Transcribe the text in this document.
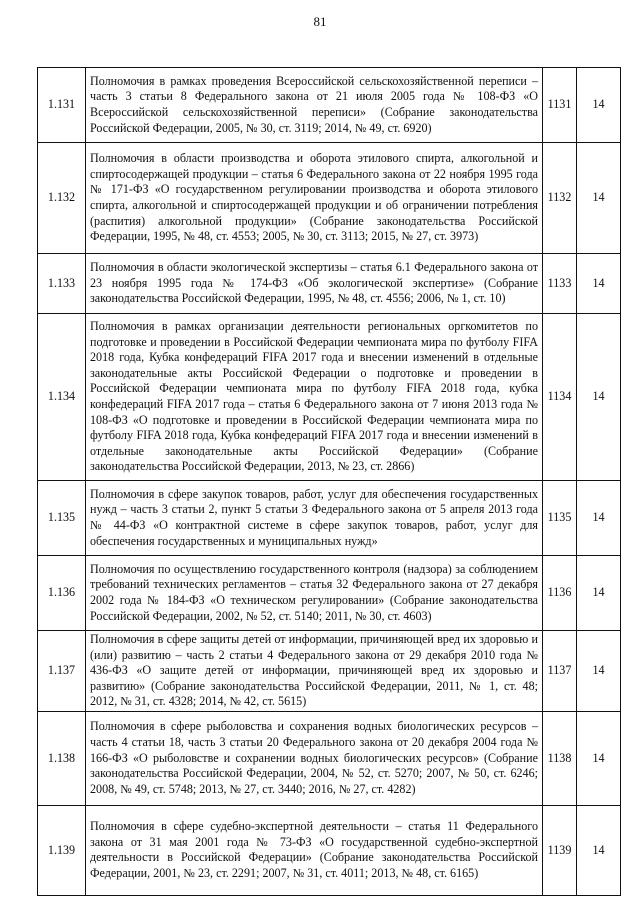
81
1.131	Полномочия в рамках проведения Всероссийской сельскохозяйственной переписи – часть 3 статьи 8 Федерального закона от 21 июля 2005 года № 108-ФЗ «О Всероссийской сельскохозяйственной переписи» (Собрание законодательства Российской Федерации, 2005, № 30, ст. 3119; 2014, № 49, ст. 6920)	1131	14
1.132	Полномочия в области производства и оборота этилового спирта, алкогольной и спиртосодержащей продукции – статья 6 Федерального закона от 22 ноября 1995 года № 171-ФЗ «О государственном регулировании производства и оборота этилового спирта, алкогольной и спиртосодержащей продукции и об ограничении потребления (распития) алкогольной продукции» (Собрание законодательства Российской Федерации, 1995, № 48, ст. 4553; 2005, № 30, ст. 3113; 2015, № 27, ст. 3973)	1132	14
1.133	Полномочия в области экологической экспертизы – статья 6.1 Федерального закона от 23 ноября 1995 года № 174-ФЗ «Об экологической экспертизе» (Собрание законодательства Российской Федерации, 1995, № 48, ст. 4556; 2006, № 1, ст. 10)	1133	14
1.134	Полномочия в рамках организации деятельности региональных оргкомитетов по подготовке и проведении в Российской Федерации чемпионата мира по футболу FIFA 2018 года, Кубка конфедераций FIFA 2017 года и внесении изменений в отдельные законодательные акты Российской Федерации о подготовке и проведении в Российской Федерации чемпионата мира по футболу FIFA 2018 года, кубка конфедераций FIFA 2017 года – статья 6 Федерального закона от 7 июня 2013 года № 108-ФЗ «О подготовке и проведении в Российской Федерации чемпионата мира по футболу FIFA 2018 года, Кубка конфедераций FIFA 2017 года и внесении изменений в отдельные законодательные акты Российской Федерации» (Собрание законодательства Российской Федерации, 2013, № 23, ст. 2866)	1134	14
1.135	Полномочия в сфере закупок товаров, работ, услуг для обеспечения государственных нужд – часть 3 статьи 2, пункт 5 статьи 3 Федерального закона от 5 апреля 2013 года № 44-ФЗ «О контрактной системе в сфере закупок товаров, работ, услуг для обеспечения государственных и муниципальных нужд»	1135	14
1.136	Полномочия по осуществлению государственного контроля (надзора) за соблюдением требований технических регламентов – статья 32 Федерального закона от 27 декабря 2002 года № 184-ФЗ «О техническом регулировании» (Собрание законодательства Российской Федерации, 2002, № 52, ст. 5140; 2011, № 30, ст. 4603)	1136	14
1.137	Полномочия в сфере защиты детей от информации, причиняющей вред их здоровью и (или) развитию – часть 2 статьи 4 Федерального закона от 29 декабря 2010 года № 436-ФЗ «О защите детей от информации, причиняющей вред их здоровью и развитию» (Собрание законодательства Российской Федерации, 2011, № 1, ст. 48; 2012, № 31, ст. 4328; 2014, № 42, ст. 5615)	1137	14
1.138	Полномочия в сфере рыболовства и сохранения водных биологических ресурсов – часть 4 статьи 18, часть 3 статьи 20 Федерального закона от 20 декабря 2004 года № 166-ФЗ «О рыболовстве и сохранении водных биологических ресурсов» (Собрание законодательства Российской Федерации, 2004, № 52, ст. 5270; 2007, № 50, ст. 6246; 2008, № 49, ст. 5748; 2013, № 27, ст. 3440; 2016, № 27, ст. 4282)	1138	14
1.139	Полномочия в сфере судебно-экспертной деятельности – статья 11 Федерального закона от 31 мая 2001 года № 73-ФЗ «О государственной судебно-экспертной деятельности в Российской Федерации» (Собрание законодательства Российской Федерации, 2001, № 23, ст. 2291; 2007, № 31, ст. 4011; 2013, № 48, ст. 6165)	1139	14
